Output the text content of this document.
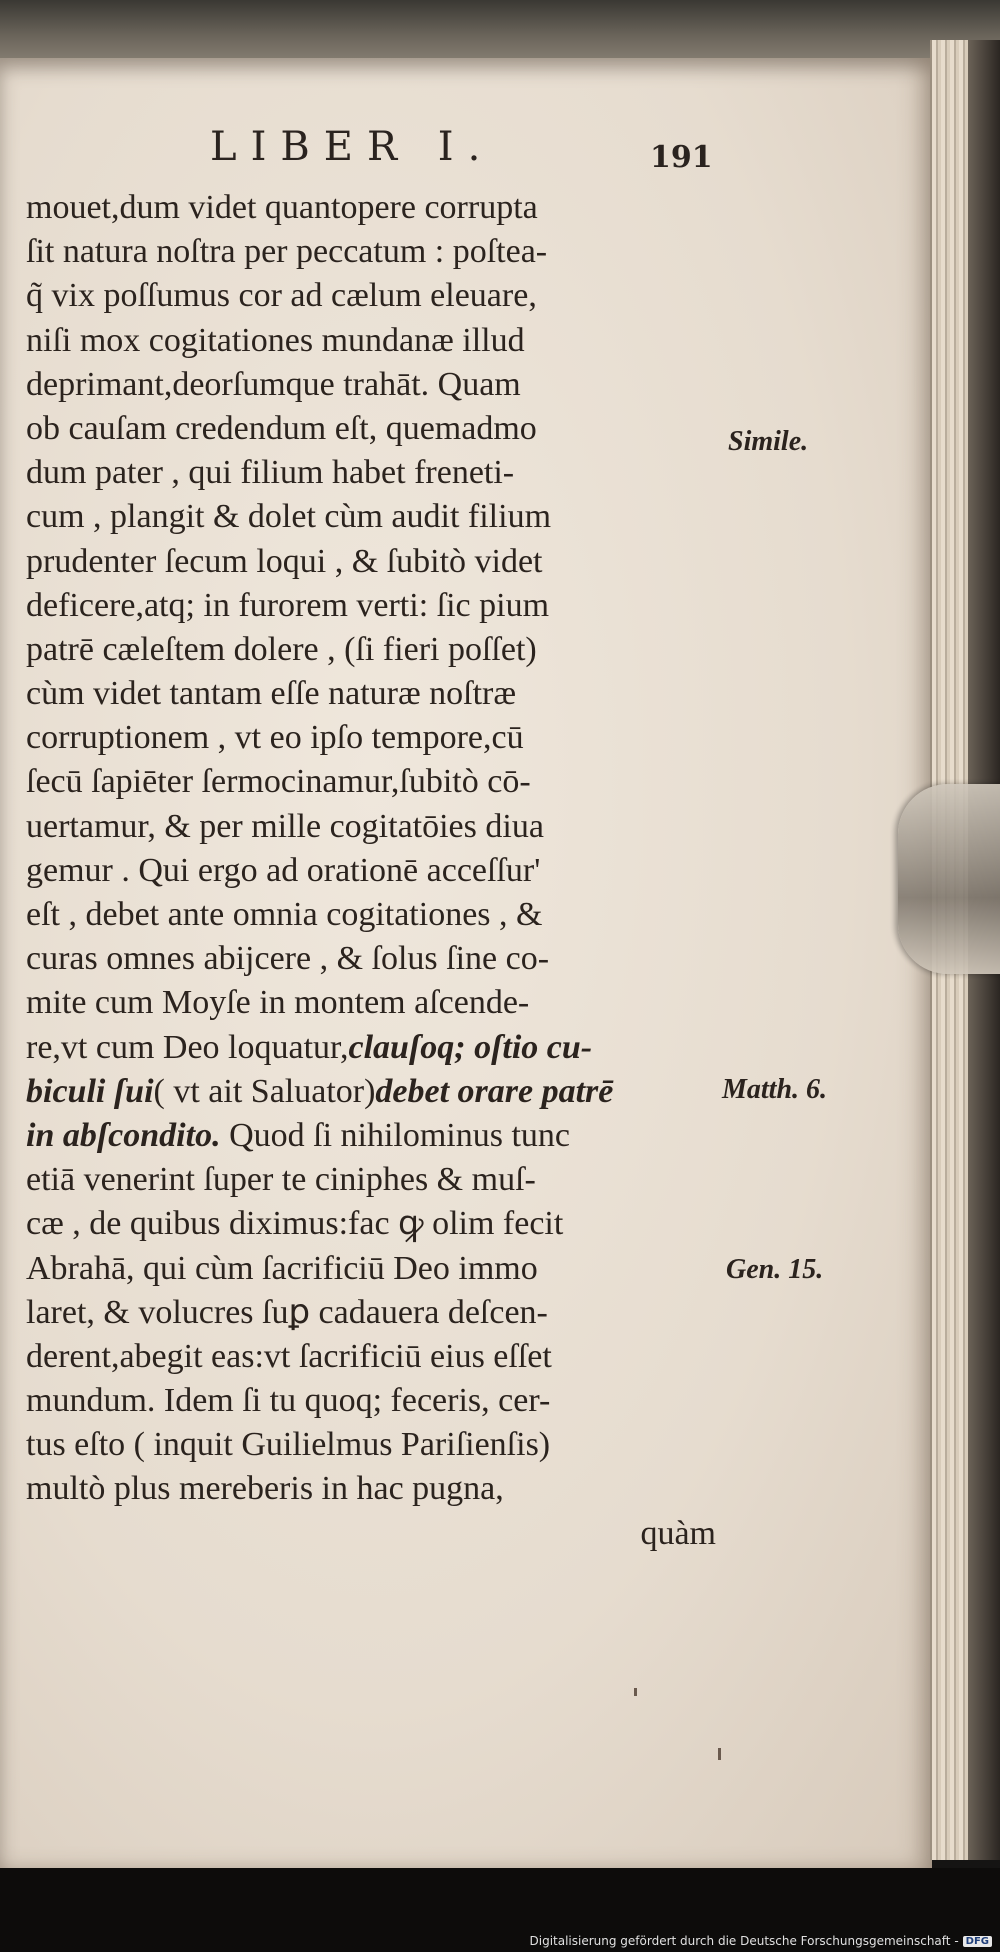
LIBER I.	191
mouet,dum videt quantopere corrupta
ſit natura noſtra per peccatum : poſtea-
q̃ vix poſſumus cor ad cælum eleuare,
niſi mox cogitationes mundanæ illud
deprimant,deorſumque trahāt. Quam
ob cauſam credendum eſt, quemadmo
dum pater , qui filium habet freneti-
cum , plangit & dolet cùm audit filium
prudenter ſecum loqui , & ſubitò videt
deficere,atq; in furorem verti: ſic pium
patrē cæleſtem dolere , (ſi fieri poſſet)
cùm videt tantam eſſe naturæ noſtræ
corruptionem , vt eo ipſo tempore,cū
ſecū ſapiēter ſermocinamur,ſubitò cō-
uertamur, & per mille cogitatōies diua
gemur . Qui ergo ad orationē acceſſur'
eſt , debet ante omnia cogitationes , &
curas omnes abijcere , & ſolus ſine co-
mite cum Moyſe in montem aſcende-
re,vt cum Deo loquatur,clauſoq; oſtio cu-
biculi ſui( vt ait Saluator)debet orare patrē
in abſcondito. Quod ſi nihilominus tunc
etiā venerint ſuper te ciniphes & muſ-
cæ , de quibus diximus:fac ꝙ olim fecit
Abrahā, qui cùm ſacrificiū Deo immo
laret, & volucres ſuꝑ cadauera deſcen-
derent,abegit eas:vt ſacrificiū eius eſſet
mundum. Idem ſi tu quoq; feceris, cer-
tus eſto ( inquit Guilielmus Pariſienſis)
multò plus mereberis in hac pugna,
quàm
Simile.
Matth. 6.
Gen. 15.
Digitalisierung gefördert durch die Deutsche Forschungsgemeinschaft - DFG
